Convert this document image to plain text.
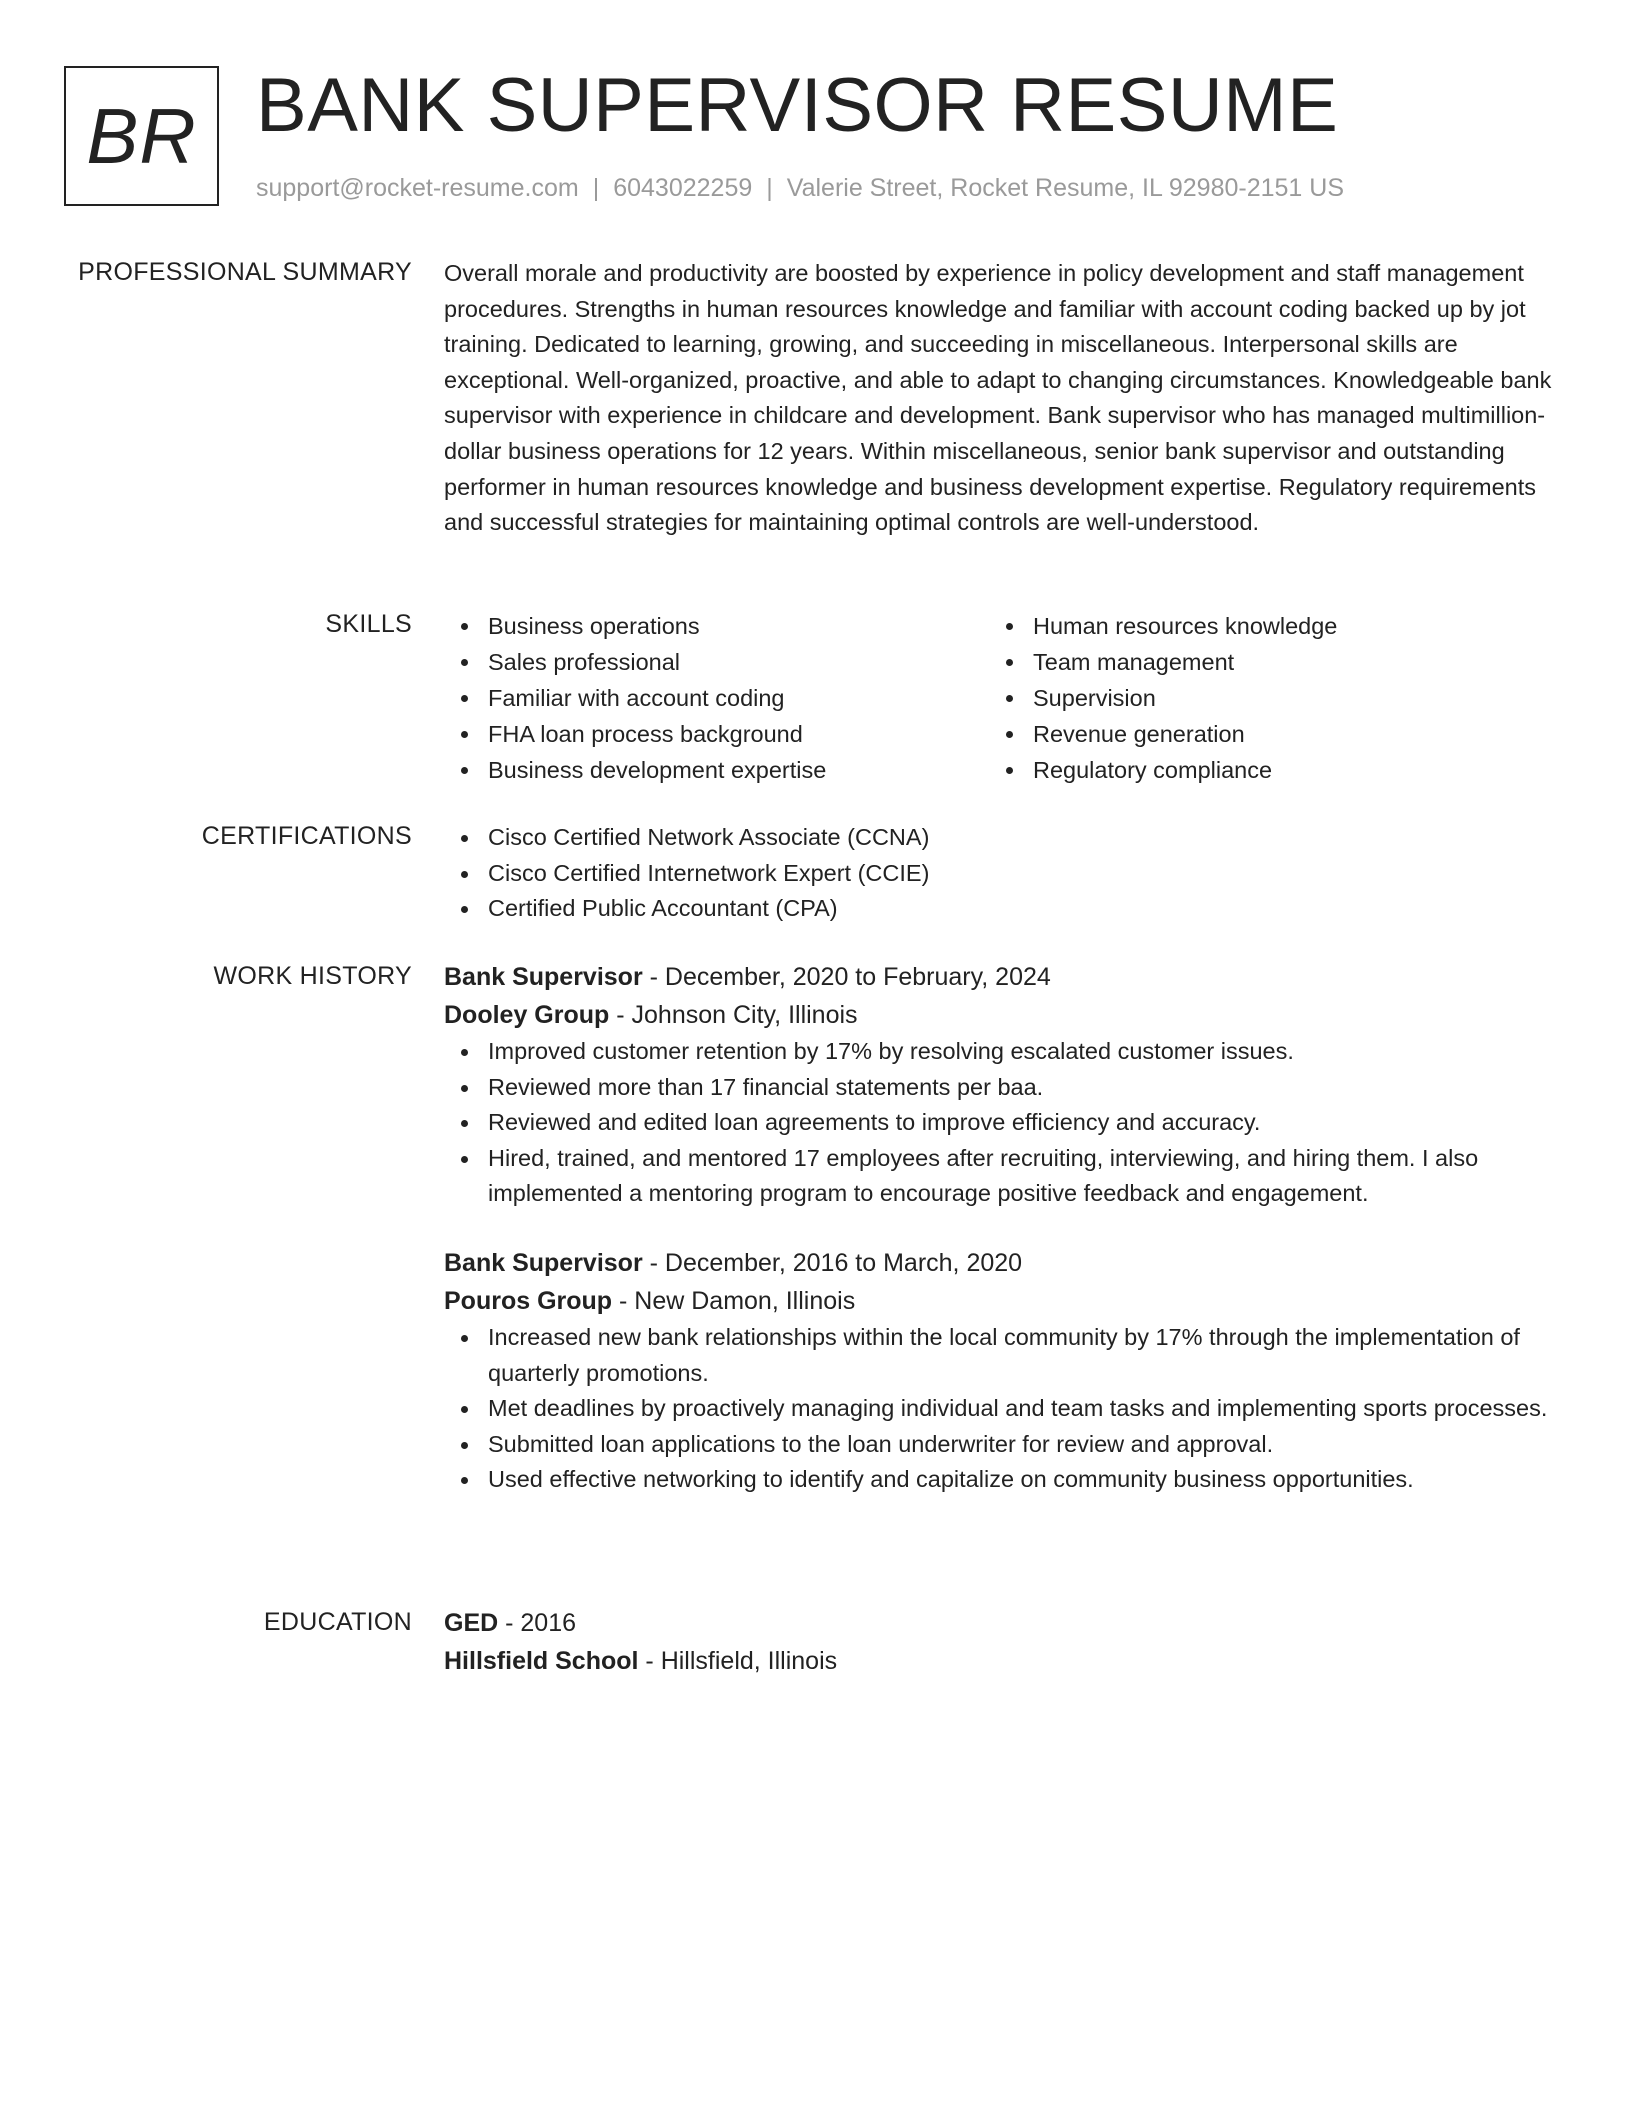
BR BANK SUPERVISOR RESUME
support@rocket-resume.com | 6043022259 | Valerie Street, Rocket Resume, IL 92980-2151 US
PROFESSIONAL SUMMARY Overall morale and productivity are boosted by experience in policy development and staff management procedures. Strengths in human resources knowledge and familiar with account coding backed up by jot training. Dedicated to learning, growing, and succeeding in miscellaneous. Interpersonal skills are exceptional. Well-organized, proactive, and able to adapt to changing circumstances. Knowledgeable bank supervisor with experience in childcare and development. Bank supervisor who has managed multimillion-dollar business operations for 12 years. Within miscellaneous, senior bank supervisor and outstanding performer in human resources knowledge and business development expertise. Regulatory requirements and successful strategies for maintaining optimal controls are well-understood.

SKILLS	Business operations
Sales professional
Familiar with account coding
FHA loan process background
Business development expertise
Human resources knowledge
Team management
Supervision
Revenue generation
Regulatory compliance
CERTIFICATIONS	Cisco Certified Network Associate (CCNA)
Cisco Certified Internetwork Expert (CCIE)
Certified Public Accountant (CPA)
WORK HISTORY Bank Supervisor - December, 2020 to February, 2024
Dooley Group - Johnson City, Illinois
Improved customer retention by 17% by resolving escalated customer issues.
Reviewed more than 17 financial statements per baa.
Reviewed and edited loan agreements to improve efficiency and accuracy.
Hired, trained, and mentored 17 employees after recruiting, interviewing, and hiring them. I also implemented a mentoring program to encourage positive feedback and engagement.
Bank Supervisor - December, 2016 to March, 2020
Pouros Group - New Damon, Illinois
Increased new bank relationships within the local community by 17% through the implementation of quarterly promotions.
Met deadlines by proactively managing individual and team tasks and implementing sports processes.
Submitted loan applications to the loan underwriter for review and approval.
Used effective networking to identify and capitalize on community business opportunities.
EDUCATION GED - 2016
Hillsfield School - Hillsfield, Illinois
